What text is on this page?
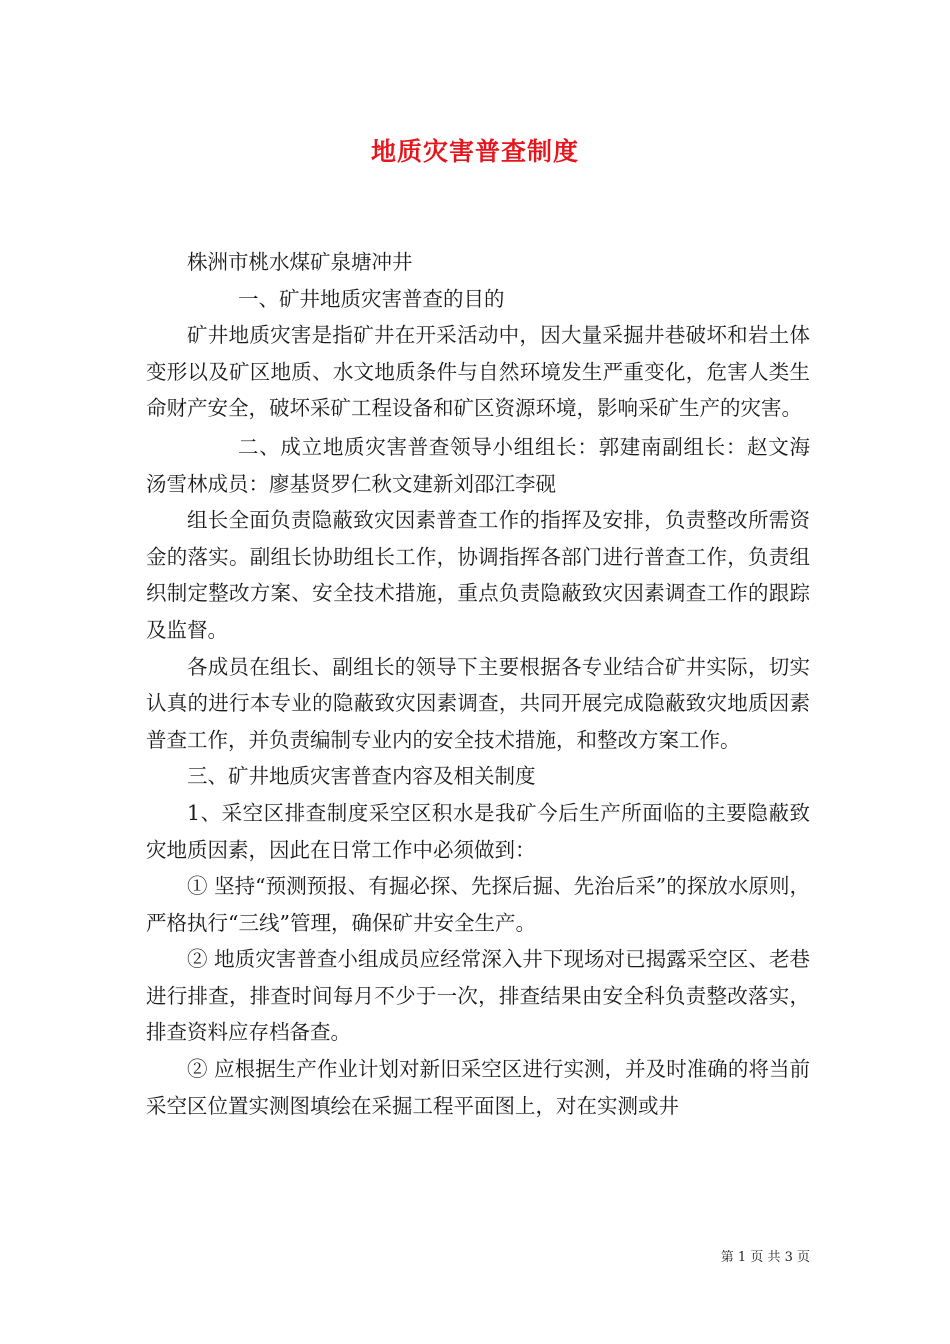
地质灾害普查制度

株洲市桃水煤矿泉塘冲井

一、矿井地质灾害普查的目的

矿井地质灾害是指矿井在开采活动中，因大量采掘井巷破坏和岩土体变形以及矿区地质、水文地质条件与自然环境发生严重变化，危害人类生命财产安全，破坏采矿工程设备和矿区资源环境，影响采矿生产的灾害。

二、成立地质灾害普查领导小组组长：郭建南副组长：赵文海汤雪林成员：廖基贤罗仁秋文建新刘邵江李砚

组长全面负责隐蔽致灾因素普查工作的指挥及安排，负责整改所需资金的落实。副组长协助组长工作，协调指挥各部门进行普查工作，负责组织制定整改方案、安全技术措施，重点负责隐蔽致灾因素调查工作的跟踪及监督。

各成员在组长、副组长的领导下主要根据各专业结合矿井实际，切实认真的进行本专业的隐蔽致灾因素调查，共同开展完成隐蔽致灾地质因素普查工作，并负责编制专业内的安全技术措施，和整改方案工作。

三、矿井地质灾害普查内容及相关制度

1、采空区排查制度采空区积水是我矿今后生产所面临的主要隐蔽致灾地质因素，因此在日常工作中必须做到：

① 坚持“预测预报、有掘必探、先探后掘、先治后采”的探放水原则，严格执行“三线”管理，确保矿井安全生产。

② 地质灾害普查小组成员应经常深入井下现场对已揭露采空区、老巷进行排查，排查时间每月不少于一次，排查结果由安全科负责整改落实，排查资料应存档备查。

② 应根据生产作业计划对新旧采空区进行实测，并及时准确的将当前采空区位置实测图填绘在采掘工程平面图上，对在实测或井

第 1 页 共 3 页
